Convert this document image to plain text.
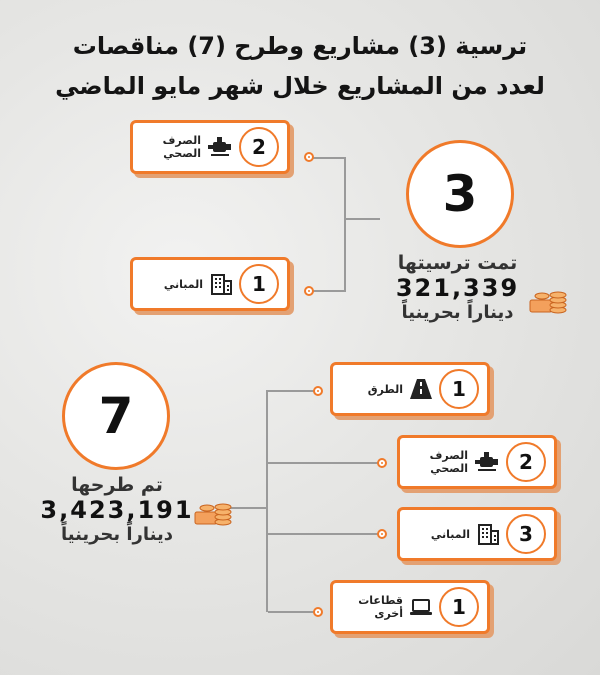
ترسية (3) مشاريع وطرح (7) مناقصات
لعدد من المشاريع خلال شهر مايو الماضي
3
تمت ترسيتها
321,339
ديناراً بحرينياً
الصرف الصحي	2
المباني	1
7
تم طرحها
3,423,191
ديناراً بحرينياً
الطرق	1
الصرف الصحي	2
المباني	3
قطاعات أخرى	1
